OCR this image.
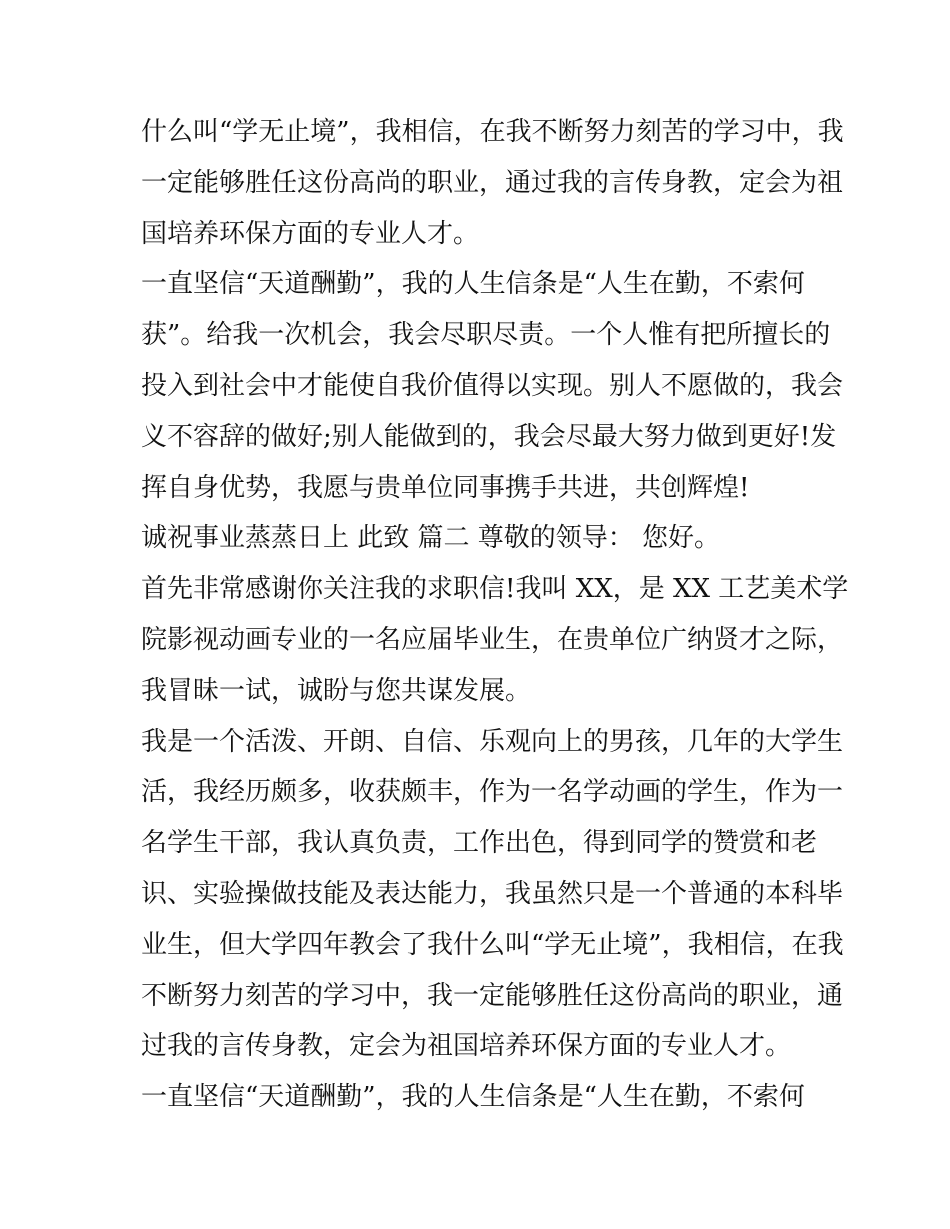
什么叫“学无止境”，我相信，在我不断努力刻苦的学习中，我
一定能够胜任这份高尚的职业，通过我的言传身教，定会为祖
国培养环保方面的专业人才。
一直坚信“天道酬勤”，我的人生信条是“人生在勤，不索何
获”。给我一次机会，我会尽职尽责。一个人惟有把所擅长的
投入到社会中才能使自我价值得以实现。别人不愿做的，我会
义不容辞的做好;别人能做到的，我会尽最大努力做到更好!发
挥自身优势，我愿与贵单位同事携手共进，共创辉煌!
诚祝事业蒸蒸日上 此致 篇二 尊敬的领导： 您好。
首先非常感谢你关注我的求职信!我叫 XX，是 XX 工艺美术学
院影视动画专业的一名应届毕业生，在贵单位广纳贤才之际，
我冒昧一试，诚盼与您共谋发展。
我是一个活泼、开朗、自信、乐观向上的男孩，几年的大学生
活，我经历颇多，收获颇丰，作为一名学动画的学生，作为一
名学生干部，我认真负责，工作出色，得到同学的赞赏和老
识、实验操做技能及表达能力，我虽然只是一个普通的本科毕
业生，但大学四年教会了我什么叫“学无止境”，我相信，在我
不断努力刻苦的学习中，我一定能够胜任这份高尚的职业，通
过我的言传身教，定会为祖国培养环保方面的专业人才。
一直坚信“天道酬勤”，我的人生信条是“人生在勤，不索何
